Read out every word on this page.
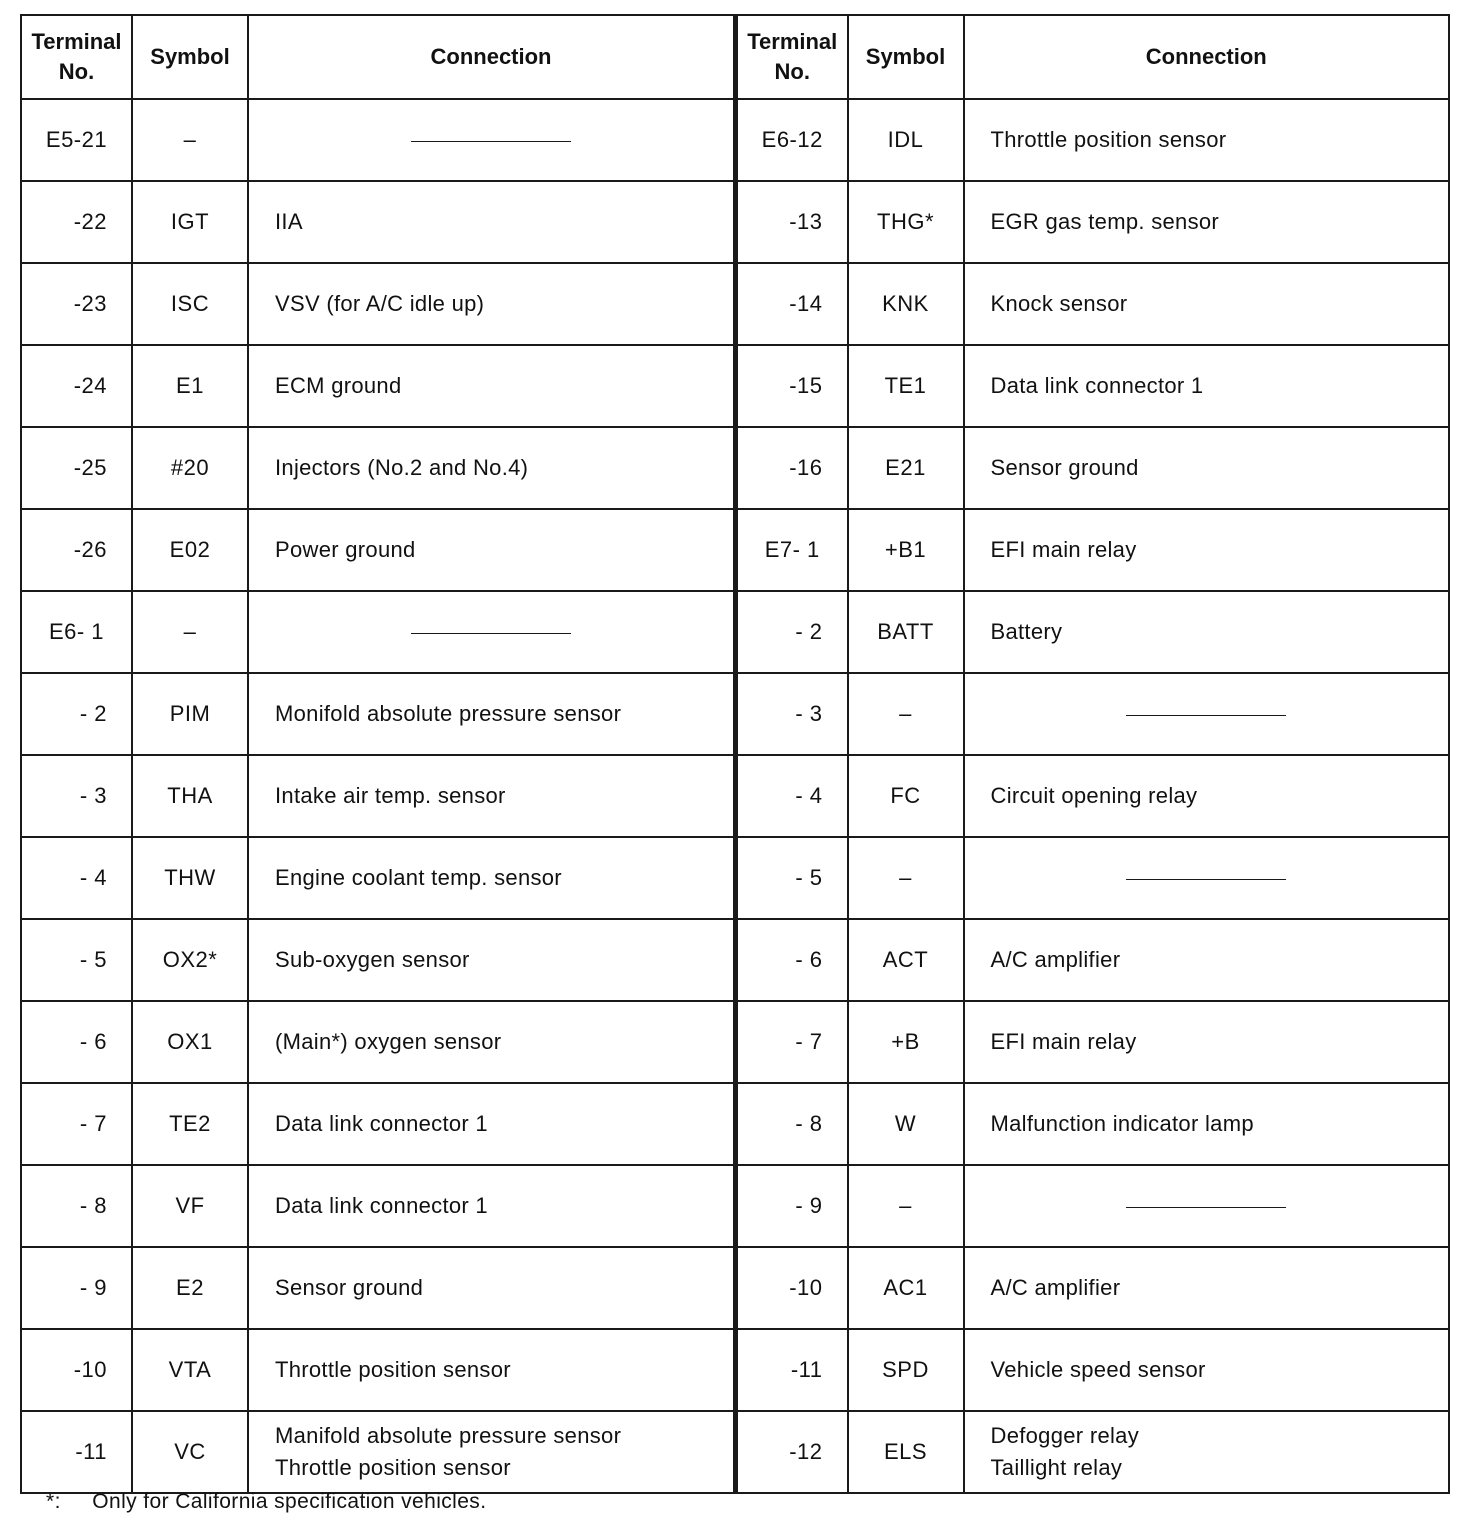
Terminal
No.	Symbol	Connection
E5-21	–	
-22	IGT	IIA

-23	ISC	VSV (for A/C idle up)

-24	E1	ECM ground

-25	#20	Injectors (No.2 and No.4)

-26	E02	Power ground

E6- 1	–	
- 2	PIM	Monifold absolute pressure sensor

- 3	THA	Intake air temp. sensor

- 4	THW	Engine coolant temp. sensor

- 5	OX2*	Sub-oxygen sensor

- 6	OX1	(Main*) oxygen sensor

- 7	TE2	Data link connector 1

- 8	VF	Data link connector 1

- 9	E2	Sensor ground

-10	VTA	Throttle position sensor

-11	VC	Manifold absolute pressure sensor
Throttle position sensor
Terminal
No.	Symbol	Connection
E6-12	IDL	Throttle position sensor

-13	THG*	EGR gas temp. sensor

-14	KNK	Knock sensor

-15	TE1	Data link connector 1

-16	E21	Sensor ground

E7- 1	+B1	EFI main relay

- 2	BATT	Battery

- 3	–	
- 4	FC	Circuit opening relay

- 5	–	
- 6	ACT	A/C amplifier

- 7	+B	EFI main relay

- 8	W	Malfunction indicator lamp

- 9	–	
-10	AC1	A/C amplifier

-11	SPD	Vehicle speed sensor

-12	ELS	Defogger relay
Taillight relay
*: Only for California specification vehicles.
